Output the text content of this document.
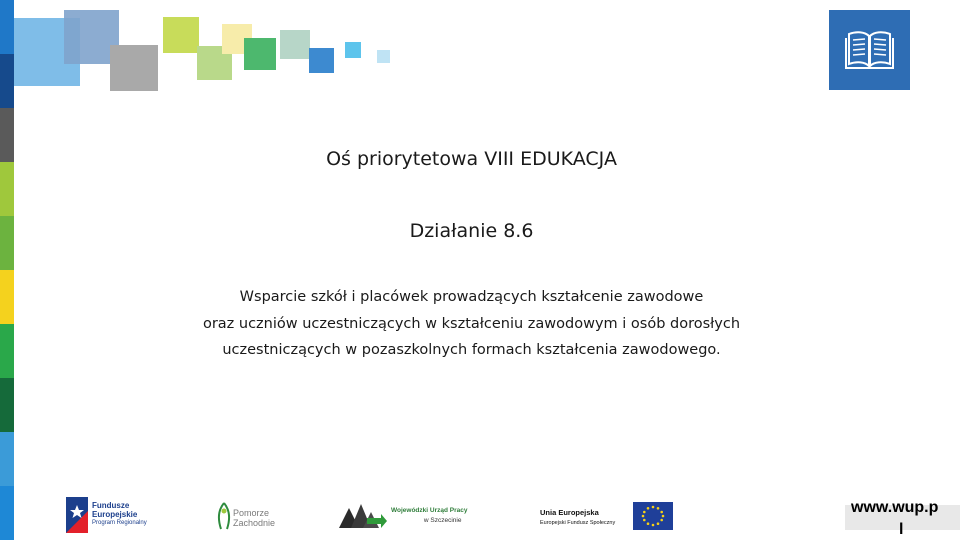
Oś priorytetowa VIII EDUKACJA
Działanie 8.6
Wsparcie szkół i placówek prowadzących kształcenie zawodowe
oraz uczniów uczestniczących w kształceniu zawodowym i osób dorosłych
uczestniczących w pozaszkolnych formach kształcenia zawodowego.
Fundusze
Europejskie
Program Regionalny
Pomorze
Zachodnie
Wojewódzki Urząd Pracy
w Szczecinie
Unia Europejska
Europejski Fundusz Społeczny
www.wup.p
l
